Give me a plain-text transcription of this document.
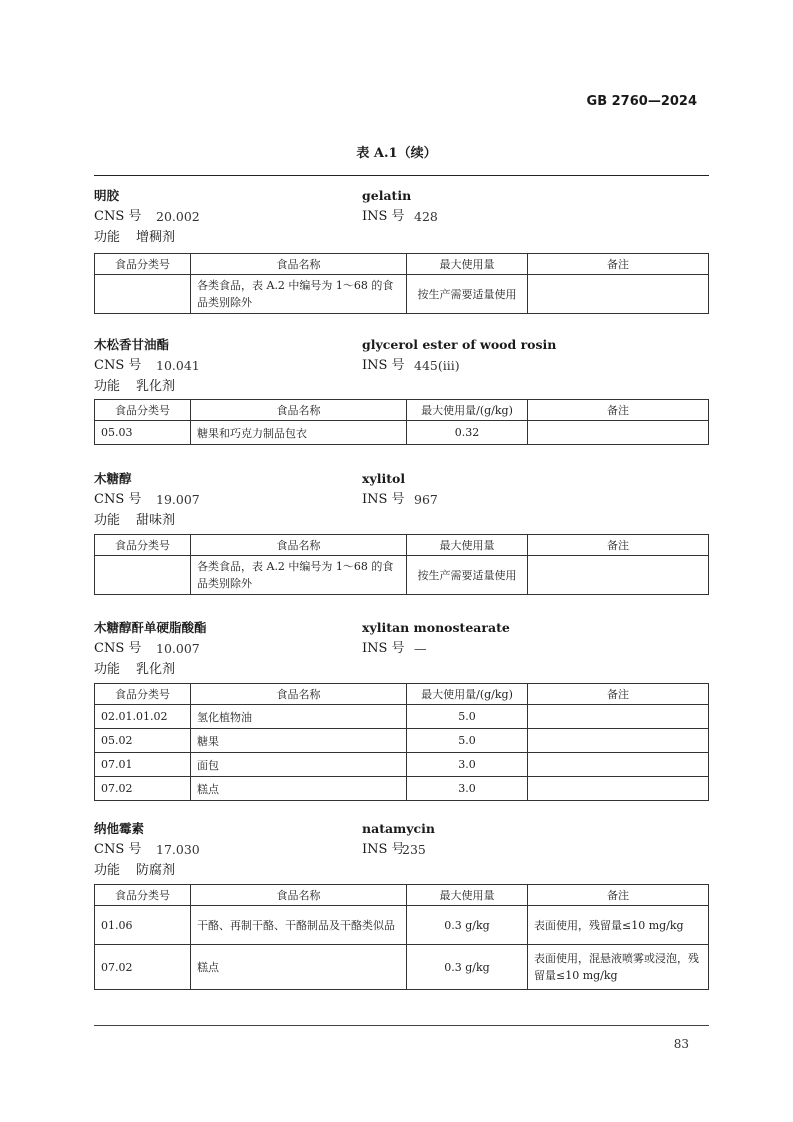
GB 2760—2024
表 A.1（续）
明胶	gelatin
CNS 号 20.002	INS 号 428
功能 增稠剂
食品分类号	食品名称	最大使用量	备注
	各类食品，表 A.2 中编号为 1～68 的食品类别除外	按生产需要适量使用	
木松香甘油酯	glycerol ester of wood rosin
CNS 号 10.041	INS 号 445(iii)
功能 乳化剂
食品分类号	食品名称	最大使用量/(g/kg)	备注
05.03	糖果和巧克力制品包衣	0.32	
木糖醇	xylitol
CNS 号 19.007	INS 号 967
功能 甜味剂
食品分类号	食品名称	最大使用量	备注
	各类食品，表 A.2 中编号为 1～68 的食品类别除外	按生产需要适量使用	
木糖醇酐单硬脂酸酯	xylitan monostearate
CNS 号 10.007	INS 号 —
功能 乳化剂
食品分类号	食品名称	最大使用量/(g/kg)	备注
02.01.01.02	氢化植物油	5.0	
05.02	糖果	5.0	
07.01	面包	3.0	
07.02	糕点	3.0	
纳他霉素	natamycin
CNS 号 17.030	INS 号
235
功能 防腐剂
食品分类号	食品名称	最大使用量	备注
01.06	干酪、再制干酪、干酪制品及干酪类似品	0.3 g/kg	表面使用，残留量≤10 mg/kg
07.02	糕点	0.3 g/kg	表面使用，混悬液喷雾或浸泡，残留量≤10 mg/kg
83
